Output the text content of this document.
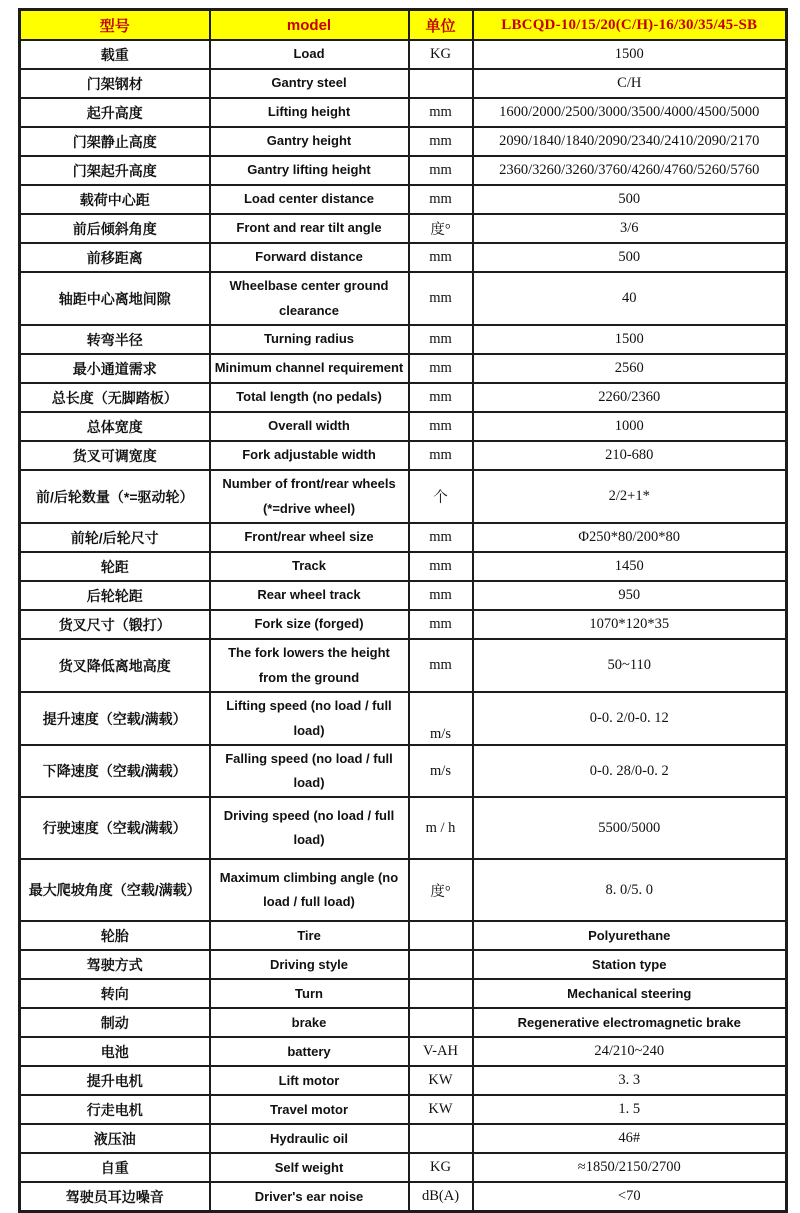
型号	model	单位	LBCQD-10/15/20(C/H)-16/30/35/45-SB
载重	Load	KG	1500
门架钢材	Gantry steel		C/H
起升高度	Lifting height	mm	1600/2000/2500/3000/3500/4000/4500/5000
门架静止高度	Gantry height	mm	2090/1840/1840/2090/2340/2410/2090/2170
门架起升高度	Gantry lifting height	mm	2360/3260/3260/3760/4260/4760/5260/5760
载荷中心距	Load center distance	mm	500
前后倾斜角度	Front and rear tilt angle	度°	3/6
前移距离	Forward distance	mm	500
轴距中心离地间隙	Wheelbase center ground clearance	mm	40
转弯半径	Turning radius	mm	1500
最小通道需求	Minimum channel requirement	mm	2560
总长度（无脚踏板）	Total length (no pedals)	mm	2260/2360
总体宽度	Overall width	mm	1000
货叉可调宽度	Fork adjustable width	mm	210-680
前/后轮数量（*=驱动轮）	Number of front/rear wheels (*=drive wheel)	个	2/2+1*
前轮/后轮尺寸	Front/rear wheel size	mm	Φ250*80/200*80
轮距	Track	mm	1450
后轮轮距	Rear wheel track	mm	950
货叉尺寸（锻打）	Fork size (forged)	mm	1070*120*35
货叉降低离地高度	The fork lowers the height from the ground	mm	50~110
提升速度（空载/满载）	Lifting speed (no load / full load)	m/s	0-0. 2/0-0. 12
下降速度（空载/满载）	Falling speed (no load / full load)	m/s	0-0. 28/0-0. 2
行驶速度（空载/满载）	Driving speed (no load / full load)	m / h	5500/5000
最大爬坡角度（空载/满载）	Maximum climbing angle (no load / full load)	度°	8. 0/5. 0
轮胎	Tire		Polyurethane
驾驶方式	Driving style		Station type
转向	Turn		Mechanical steering
制动	brake		Regenerative electromagnetic brake
电池	battery	V-AH	24/210~240
提升电机	Lift motor	KW	3. 3
行走电机	Travel motor	KW	1. 5
液压油	Hydraulic oil		46#
自重	Self weight	KG	≈1850/2150/2700
驾驶员耳边噪音	Driver's ear noise	dB(A)	<70
